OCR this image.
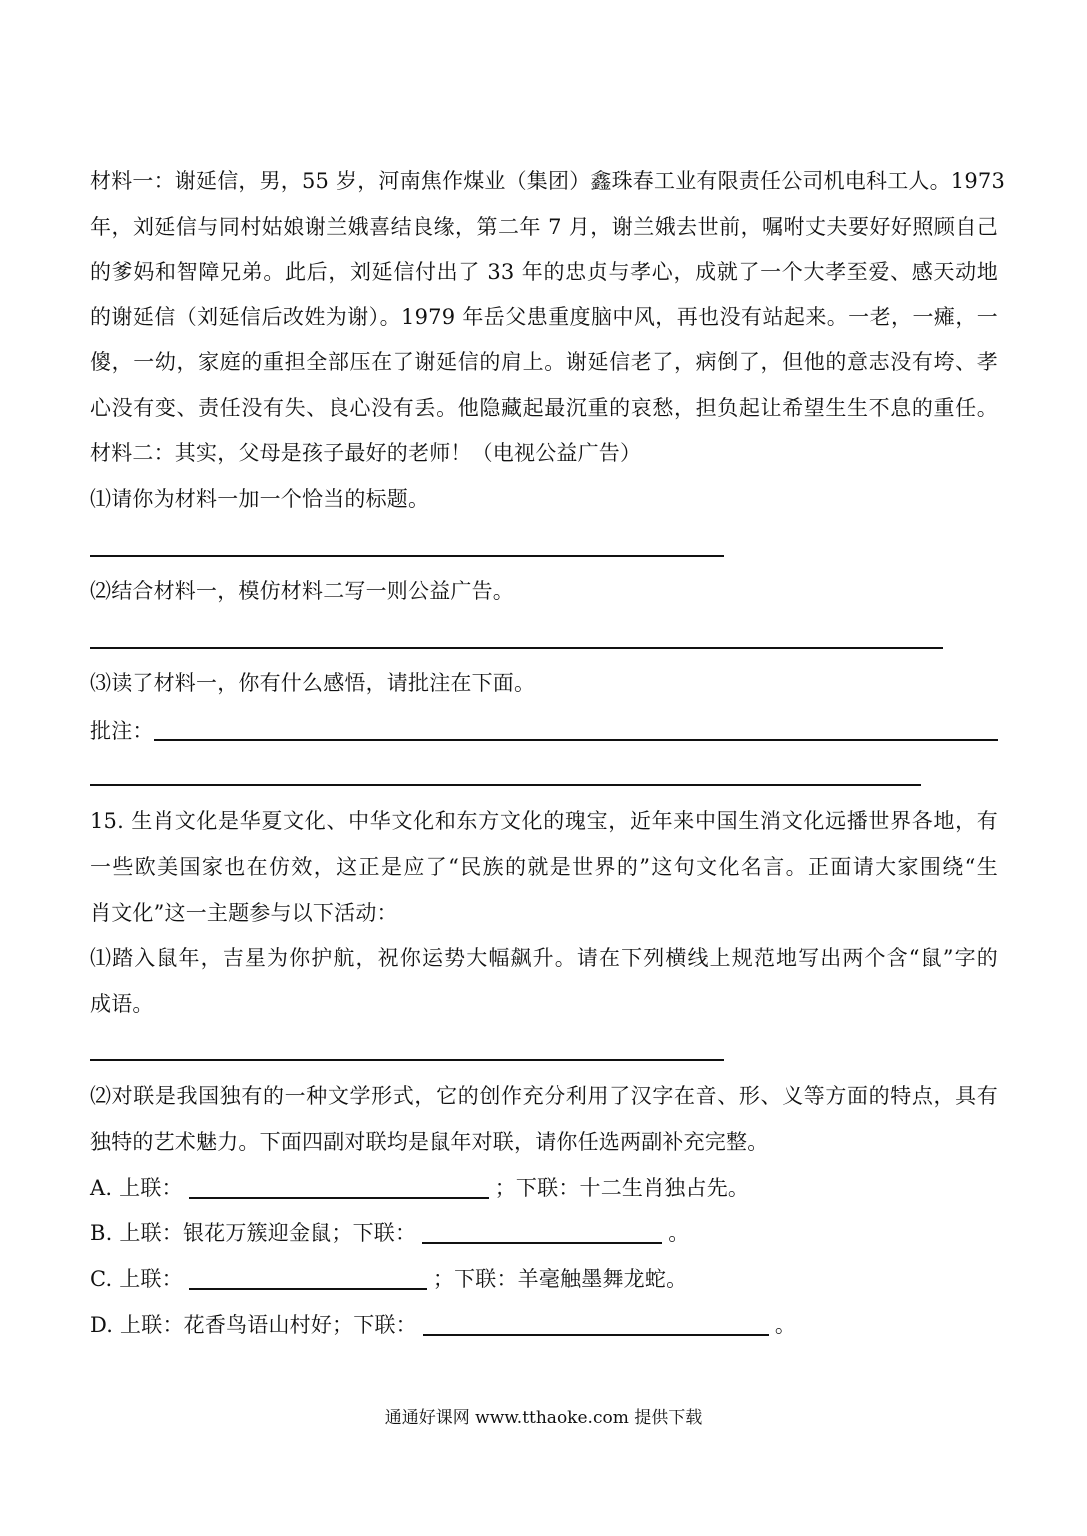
材料一：谢延信，男，55 岁，河南焦作煤业（集团）鑫珠春工业有限责任公司机电科工人。1973
年，刘延信与同村姑娘谢兰娥喜结良缘，第二年 7 月，谢兰娥去世前，嘱咐丈夫要好好照顾自己
的爹妈和智障兄弟。此后，刘延信付出了 33 年的忠贞与孝心，成就了一个大孝至爱、感天动地
的谢延信（刘延信后改姓为谢）。1979 年岳父患重度脑中风，再也没有站起来。一老，一瘫，一
傻，一幼，家庭的重担全部压在了谢延信的肩上。谢延信老了，病倒了，但他的意志没有垮、孝
心没有变、责任没有失、良心没有丢。他隐藏起最沉重的哀愁，担负起让希望生生不息的重任。
材料二：其实，父母是孩子最好的老师！（电视公益广告）
⑴请你为材料一加一个恰当的标题。
⑵结合材料一，模仿材料二写一则公益广告。
⑶读了材料一，你有什么感悟，请批注在下面。
批注：
15. 生肖文化是华夏文化、中华文化和东方文化的瑰宝，近年来中国生消文化远播世界各地，有
一些欧美国家也在仿效，这正是应了“民族的就是世界的”这句文化名言。正面请大家围绕“生
肖文化”这一主题参与以下活动：
⑴踏入鼠年，吉星为你护航，祝你运势大幅飙升。请在下列横线上规范地写出两个含“鼠”字的
成语。
⑵对联是我国独有的一种文学形式，它的创作充分利用了汉字在音、形、义等方面的特点，具有
独特的艺术魅力。下面四副对联均是鼠年对联，请你任选两副补充完整。
A. 上联：	；下联：十二生肖独占先。
B. 上联：银花万簇迎金鼠；下联：	。
C. 上联：	；下联：羊毫触墨舞龙蛇。
D. 上联：花香鸟语山村好；下联：	。
通通好课网 www.tthaoke.com 提供下载
